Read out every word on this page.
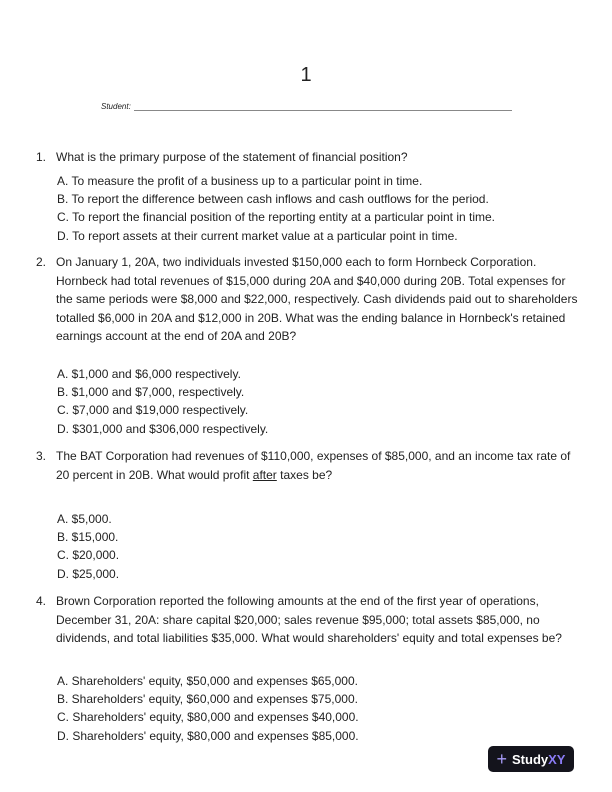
1
Student:
1. What is the primary purpose of the statement of financial position?
A. To measure the profit of a business up to a particular point in time.
B. To report the difference between cash inflows and cash outflows for the period.
C. To report the financial position of the reporting entity at a particular point in time.
D. To report assets at their current market value at a particular point in time.
2. On January 1, 20A, two individuals invested $150,000 each to form Hornbeck Corporation. Hornbeck had total revenues of $15,000 during 20A and $40,000 during 20B. Total expenses for the same periods were $8,000 and $22,000, respectively. Cash dividends paid out to shareholders totalled $6,000 in 20A and $12,000 in 20B. What was the ending balance in Hornbeck's retained earnings account at the end of 20A and 20B?
A. $1,000 and $6,000 respectively.
B. $1,000 and $7,000, respectively.
C. $7,000 and $19,000 respectively.
D. $301,000 and $306,000 respectively.
3. The BAT Corporation had revenues of $110,000, expenses of $85,000, and an income tax rate of 20 percent in 20B. What would profit after taxes be?
A. $5,000.
B. $15,000.
C. $20,000.
D. $25,000.
4. Brown Corporation reported the following amounts at the end of the first year of operations, December 31, 20A: share capital $20,000; sales revenue $95,000; total assets $85,000, no dividends, and total liabilities $35,000. What would shareholders' equity and total expenses be?
A. Shareholders' equity, $50,000 and expenses $65,000.
B. Shareholders' equity, $60,000 and expenses $75,000.
C. Shareholders' equity, $80,000 and expenses $40,000.
D. Shareholders' equity, $80,000 and expenses $85,000.
+ Study XY
